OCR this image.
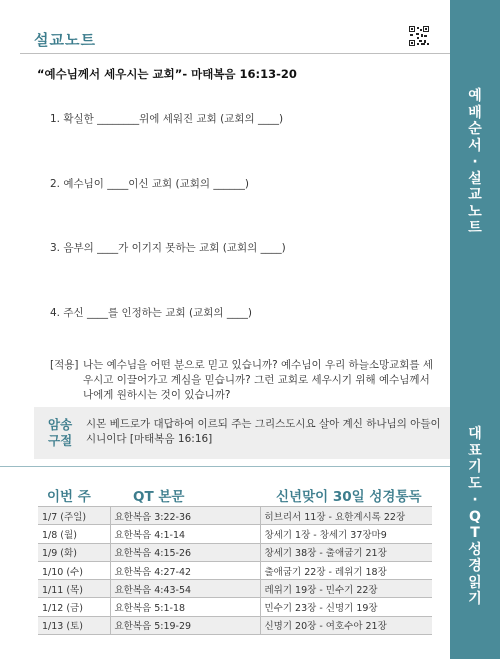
예
배
순
서
·
설
교
노
트
대
표
기
도
·
Q
T
성
경
읽
기
설교노트
“예수님께서 세우시는 교회”- 마태복음 16:13-20
1. 확실한 ________위에 세워진 교회 (교회의 ____)
2. 예수님이 ____이신 교회 (교회의 ______)
3. 음부의 ____가 이기지 못하는 교회 (교회의 ____)
4. 주신 ____를 인정하는 교회 (교회의 ____)
[적용] 나는 예수님을 어떤 분으로 믿고 있습니까? 예수님이 우리 하늘소망교회를 세우시고 이끌어가고 계심을 믿습니까? 그런 교회로 세우시기 위해 예수님께서 나에게 원하시는 것이 있습니까?
암송 구절
시몬 베드로가 대답하여 이르되 주는 그리스도시요 살아 계신 하나님의 아들이시니이다 [마태복음 16:16]
이번 주	QT 본문	신년맞이 30일 성경통독
1/7 (주일)	요한복음 3:22-36	히브리서 11장 - 요한계시록 22장
1/8 (월)	요한복음 4:1-14	창세기 1장 - 창세기 37장마9
1/9 (화)	요한복음 4:15-26	창세기 38장 - 출애굽기 21장
1/10 (수)	요한복음 4:27-42	출애굽기 22장 - 레위기 18장
1/11 (목)	요한복음 4:43-54	레위기 19장 - 민수기 22장
1/12 (금)	요한복음 5:1-18	민수기 23장 - 신명기 19장
1/13 (토)	요한복음 5:19-29	신명기 20장 - 여호수아 21장
